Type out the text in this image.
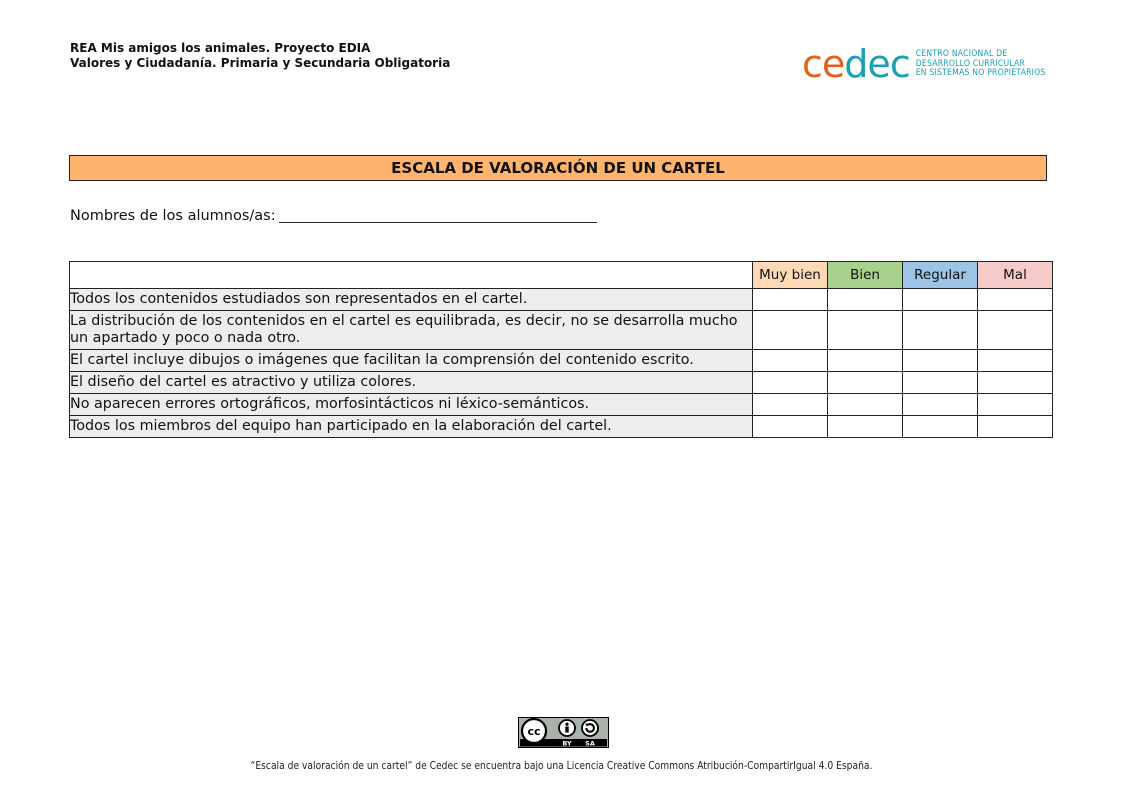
REA Mis amigos los animales. Proyecto EDIA
Valores y Ciudadanía. Primaria y Secundaria Obligatoria	c e d e c CENTRO NACIONAL DE
DESARROLLO CURRICULAR
EN SISTEMAS NO PROPIETARIOS
ESCALA DE VALORACIÓN DE UN CARTEL
Nombres de los alumnos/as:
	Muy bien	Bien	Regular	Mal
Todos los contenidos estudiados son representados en el cartel.				
La distribución de los contenidos en el cartel es equilibrada, es decir, no se desarrolla mucho un apartado y poco o nada otro.				
El cartel incluye dibujos o imágenes que facilitan la comprensión del contenido escrito.				
El diseño del cartel es atractivo y utiliza colores.				
No aparecen errores ortográficos, morfosintácticos ni léxico-semánticos.				
Todos los miembros del equipo han participado en la elaboración del cartel.				
cc
BY SA
“Escala de valoración de un cartel” de Cedec se encuentra bajo una Licencia Creative Commons Atribución-CompartirIgual 4.0 España.
